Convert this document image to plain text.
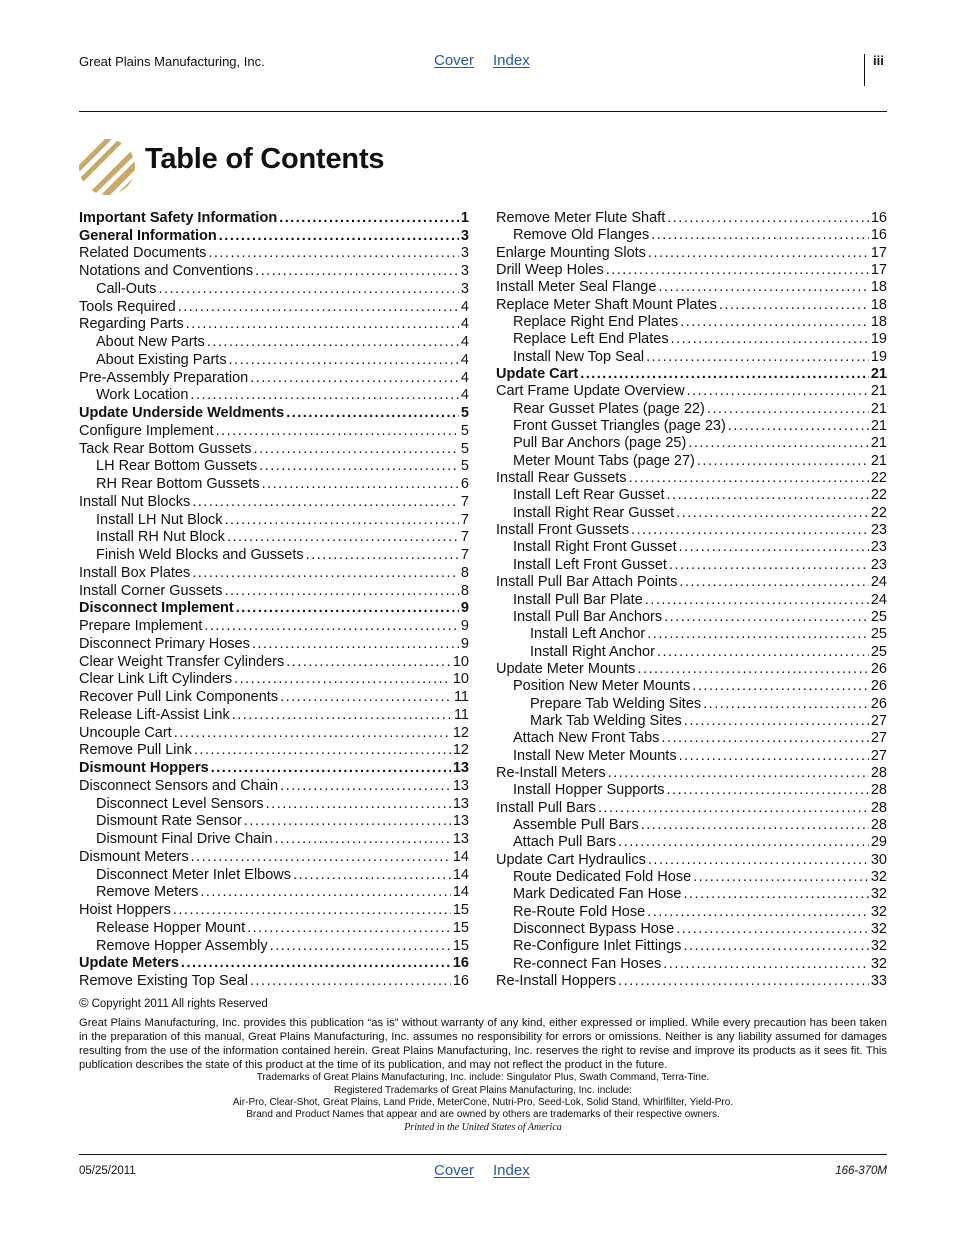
Great Plains Manufacturing, Inc.	Cover Index	iii
Table of Contents
Important Safety Information .....	1
General Information .....	3
Related Documents .....	3
Notations and Conventions .....	3
Call-Outs .....	3
Tools Required .....	4
Regarding Parts .....	4
About New Parts .....	4
About Existing Parts .....	4
Pre-Assembly Preparation .....	4
Work Location .....	4
Update Underside Weldments .....	5
Configure Implement .....	5
Tack Rear Bottom Gussets .....	5
LH Rear Bottom Gussets .....	5
RH Rear Bottom Gussets .....	6
Install Nut Blocks .....	7
Install LH Nut Block .....	7
Install RH Nut Block .....	7
Finish Weld Blocks and Gussets .....	7
Install Box Plates .....	8
Install Corner Gussets .....	8
Disconnect Implement .....	9
Prepare Implement .....	9
Disconnect Primary Hoses .....	9
Clear Weight Transfer Cylinders .....	10
Clear Link Lift Cylinders .....	10
Recover Pull Link Components .....	11
Release Lift-Assist Link .....	11
Uncouple Cart .....	12
Remove Pull Link .....	12
Dismount Hoppers .....	13
Disconnect Sensors and Chain .....	13
Disconnect Level Sensors .....	13
Dismount Rate Sensor .....	13
Dismount Final Drive Chain .....	13
Dismount Meters .....	14
Disconnect Meter Inlet Elbows .....	14
Remove Meters .....	14
Hoist Hoppers .....	15
Release Hopper Mount .....	15
Remove Hopper Assembly .....	15
Update Meters .....	16
Remove Existing Top Seal .....	16
Remove Meter Flute Shaft .....	16
Remove Old Flanges .....	16
Enlarge Mounting Slots .....	17
Drill Weep Holes .....	17
Install Meter Seal Flange .....	18
Replace Meter Shaft Mount Plates .....	18
Replace Right End Plates .....	18
Replace Left End Plates .....	19
Install New Top Seal .....	19
Update Cart .....	21
Cart Frame Update Overview .....	21
Rear Gusset Plates (page 22) .....	21
Front Gusset Triangles (page 23) .....	21
Pull Bar Anchors (page 25) .....	21
Meter Mount Tabs (page 27) .....	21
Install Rear Gussets .....	22
Install Left Rear Gusset .....	22
Install Right Rear Gusset .....	22
Install Front Gussets .....	23
Install Right Front Gusset .....	23
Install Left Front Gusset .....	23
Install Pull Bar Attach Points .....	24
Install Pull Bar Plate .....	24
Install Pull Bar Anchors .....	25
Install Left Anchor .....	25
Install Right Anchor .....	25
Update Meter Mounts .....	26
Position New Meter Mounts .....	26
Prepare Tab Welding Sites .....	26
Mark Tab Welding Sites .....	27
Attach New Front Tabs .....	27
Install New Meter Mounts .....	27
Re-Install Meters .....	28
Install Hopper Supports .....	28
Install Pull Bars .....	28
Assemble Pull Bars .....	28
Attach Pull Bars .....	29
Update Cart Hydraulics .....	30
Route Dedicated Fold Hose .....	32
Mark Dedicated Fan Hose .....	32
Re-Route Fold Hose .....	32
Disconnect Bypass Hose .....	32
Re-Configure Inlet Fittings .....	32
Re-connect Fan Hoses .....	32
Re-Install Hoppers .....	33
© Copyright 2011 All rights Reserved
Great Plains Manufacturing, Inc. provides this publication “as is” without warranty of any kind, either expressed or implied. While every precaution has been taken in the preparation of this manual, Great Plains Manufacturing, Inc. assumes no responsibility for errors or omissions. Neither is any liability assumed for damages resulting from the use of the information contained herein. Great Plains Manufacturing, Inc. reserves the right to revise and improve its products as it sees fit. This publication describes the state of this product at the time of its publication, and may not reflect the product in the future.
Trademarks of Great Plains Manufacturing, Inc. include: Singulator Plus, Swath Command, Terra-Tine.
Registered Trademarks of Great Plains Manufacturing, Inc. include:
Air-Pro, Clear-Shot, Great Plains, Land Pride, MeterCone, Nutri-Pro, Seed-Lok, Solid Stand, Whirlfilter, Yield-Pro.
Brand and Product Names that appear and are owned by others are trademarks of their respective owners.
Printed in the United States of America
05/25/2011	Cover Index	166-370M
